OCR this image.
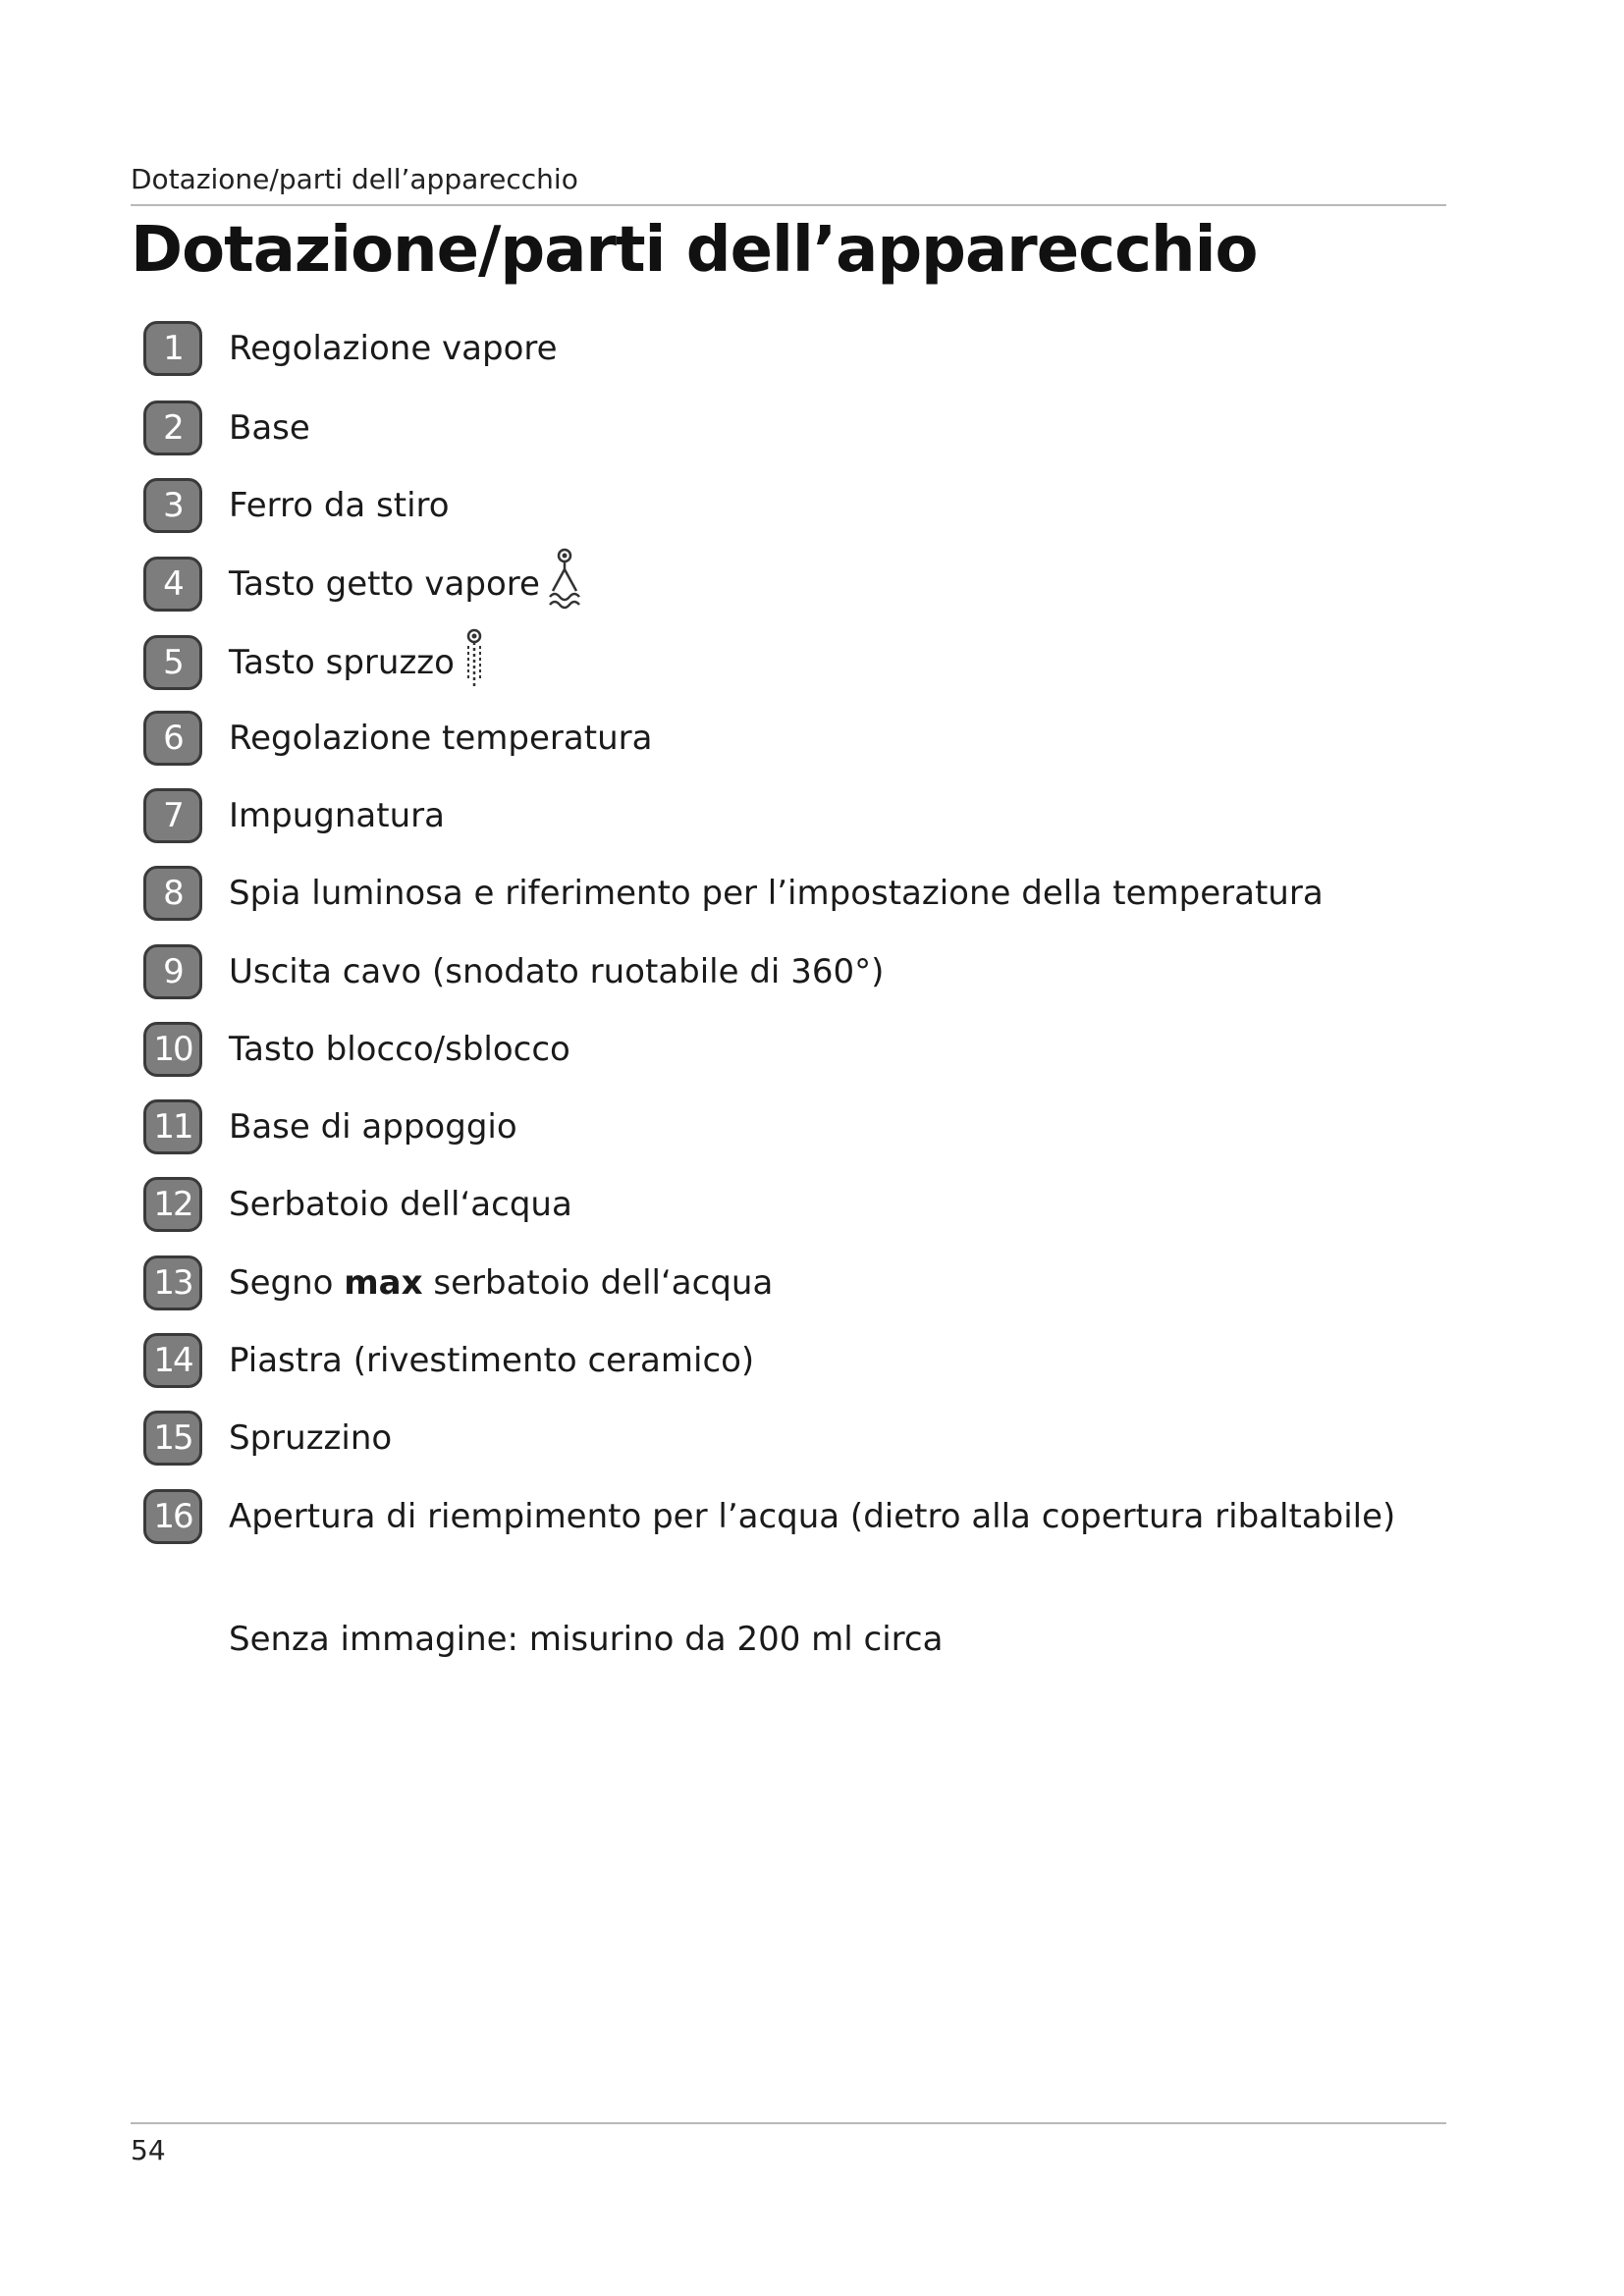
Dotazione/parti dell’apparecchio
Dotazione/parti dell’apparecchio
1	Regolazione vapore
2	Base
3	Ferro da stiro
4	Tasto getto vapore
5	Tasto spruzzo
6	Regolazione temperatura
7	Impugnatura
8	Spia luminosa e riferimento per l’impostazione della temperatura
9	Uscita cavo (snodato ruotabile di 360°)
10	Tasto blocco/sblocco
11	Base di appoggio
12	Serbatoio dell‘acqua
13	Segno max serbatoio dell‘acqua
14	Piastra (rivestimento ceramico)
15	Spruzzino
16	Apertura di riempimento per l’acqua (dietro alla copertura ribaltabile)
Senza immagine: misurino da 200 ml circa
54
